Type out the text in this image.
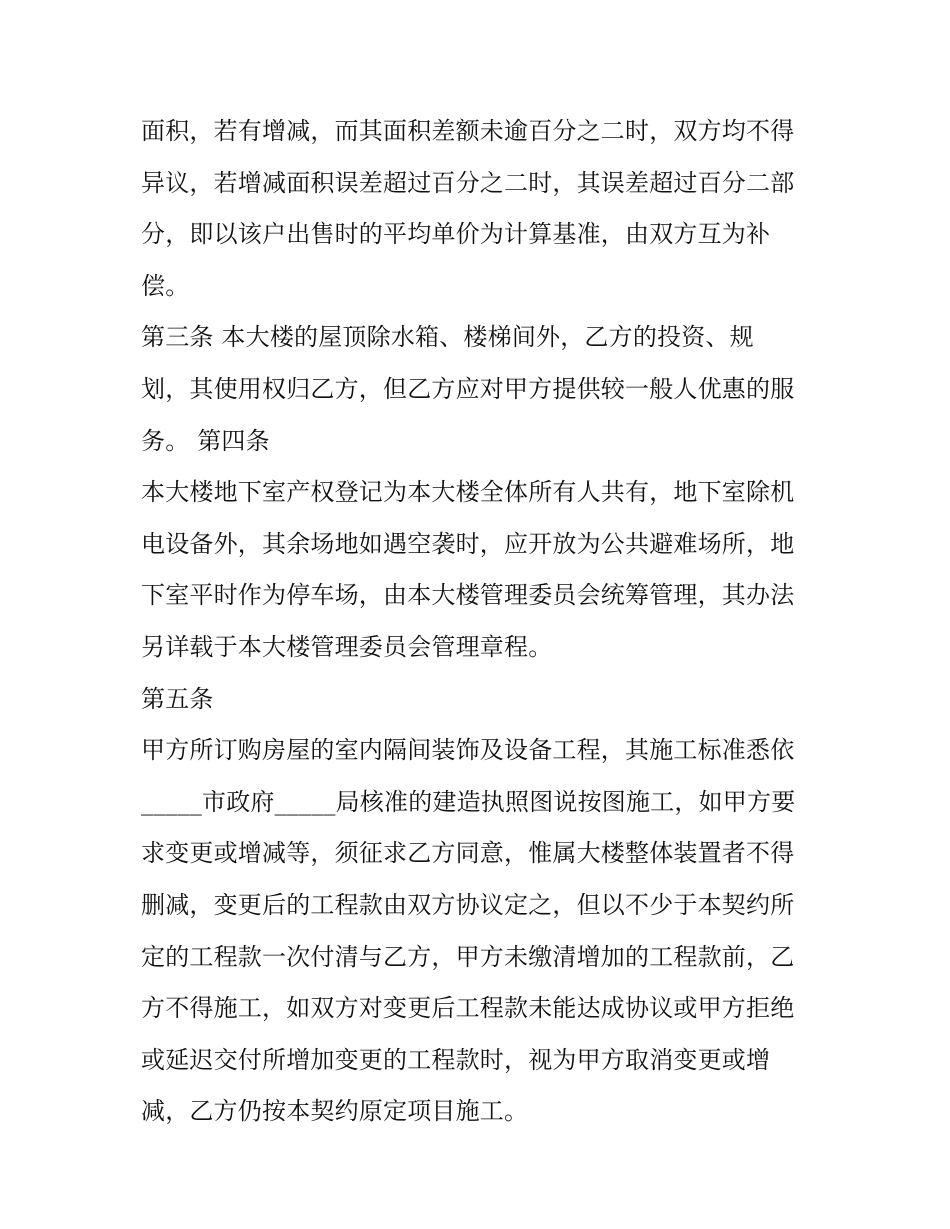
面积，若有增减，而其面积差额未逾百分之二时，双方均不得
异议，若增减面积误差超过百分之二时，其误差超过百分二部
分，即以该户出售时的平均单价为计算基准，由双方互为补
偿。
第三条 本大楼的屋顶除水箱、楼梯间外，乙方的投资、规
划，其使用权归乙方，但乙方应对甲方提供较一般人优惠的服
务。 第四条
本大楼地下室产权登记为本大楼全体所有人共有，地下室除机
电设备外，其余场地如遇空袭时，应开放为公共避难场所，地
下室平时作为停车场，由本大楼管理委员会统筹管理，其办法
另详载于本大楼管理委员会管理章程。
第五条
甲方所订购房屋的室内隔间装饰及设备工程，其施工标准悉依
_____市政府_____局核准的建造执照图说按图施工，如甲方要
求变更或增减等，须征求乙方同意，惟属大楼整体装置者不得
删减，变更后的工程款由双方协议定之，但以不少于本契约所
定的工程款一次付清与乙方，甲方未缴清增加的工程款前，乙
方不得施工，如双方对变更后工程款未能达成协议或甲方拒绝
或延迟交付所增加变更的工程款时，视为甲方取消变更或增
减，乙方仍按本契约原定项目施工。
